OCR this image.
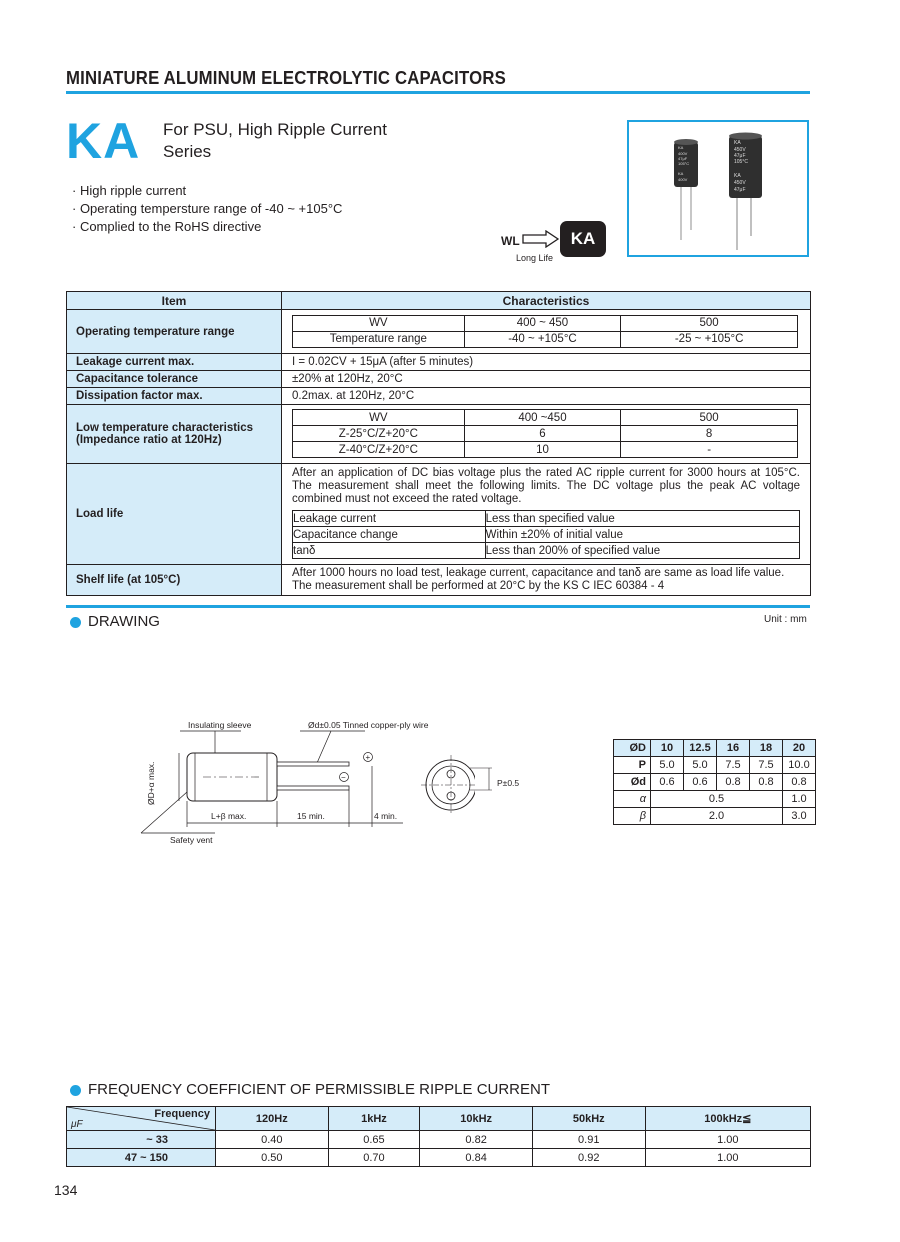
MINIATURE ALUMINUM ELECTROLYTIC CAPACITORS
KA For PSU, High Ripple Current
Series
· High ripple current
· Operating tempersture range of -40 ~ +105°C
· Complied to the RoHS directive
WL	KA
Long Life
KA
400V
47μF
105°C
KA
400V
KA
450V
47μF
105°C
KA
450V
47μF
Item	Characteristics
Operating temperature range	
WV	400 ~ 450	500
Temperature range	-40 ~ +105°C	-25 ~ +105°C

Leakage current max.	I = 0.02CV + 15μA (after 5 minutes)
Capacitance tolerance	±20% at 120Hz, 20°C
Dissipation factor max.	0.2max. at 120Hz, 20°C

Low temperature characteristics
(Impedance ratio at 120Hz)

WV	400 ~450	500
Z-25°C/Z+20°C	6	8
Z-40°C/Z+20°C	10	-

Load life	
After an application of DC bias voltage plus the rated AC ripple current for 3000 hours at 105°C. The measurement shall meet the following limits. The DC voltage plus the peak AC voltage combined must not exceed the rated voltage.
Leakage current	Less than specified value
Capacitance change	Within ±20% of initial value
tanδ	Less than 200% of specified value

Shelf life (at 105°C)	
After 1000 hours no load test, leakage current, capacitance and tanδ are same as load life value.
The measurement shall be performed at 20°C by the KS C IEC 60384 - 4
DRAWING	Unit : mm
Insulating sleeve	Ød±0.05 Tinned copper-ply wire
+
−
ØD+α max.
L+β max.	15 min.	4 min.
Safety vent
P±0.5
ØD	10	12.5	16	18	20
P	5.0	5.0	7.5	7.5	10.0
Ød	0.6	0.6	0.8	0.8	0.8
α	0.5				1.0
β	2.0				3.0
FREQUENCY COEFFICIENT OF PERMISSIBLE RIPPLE CURRENT
Frequency
μF	120Hz	1kHz	10kHz	50kHz	100kHz≦
~ 33	0.40	0.65	0.82	0.91	1.00
47 ~ 150	0.50	0.70	0.84	0.92	1.00
134
